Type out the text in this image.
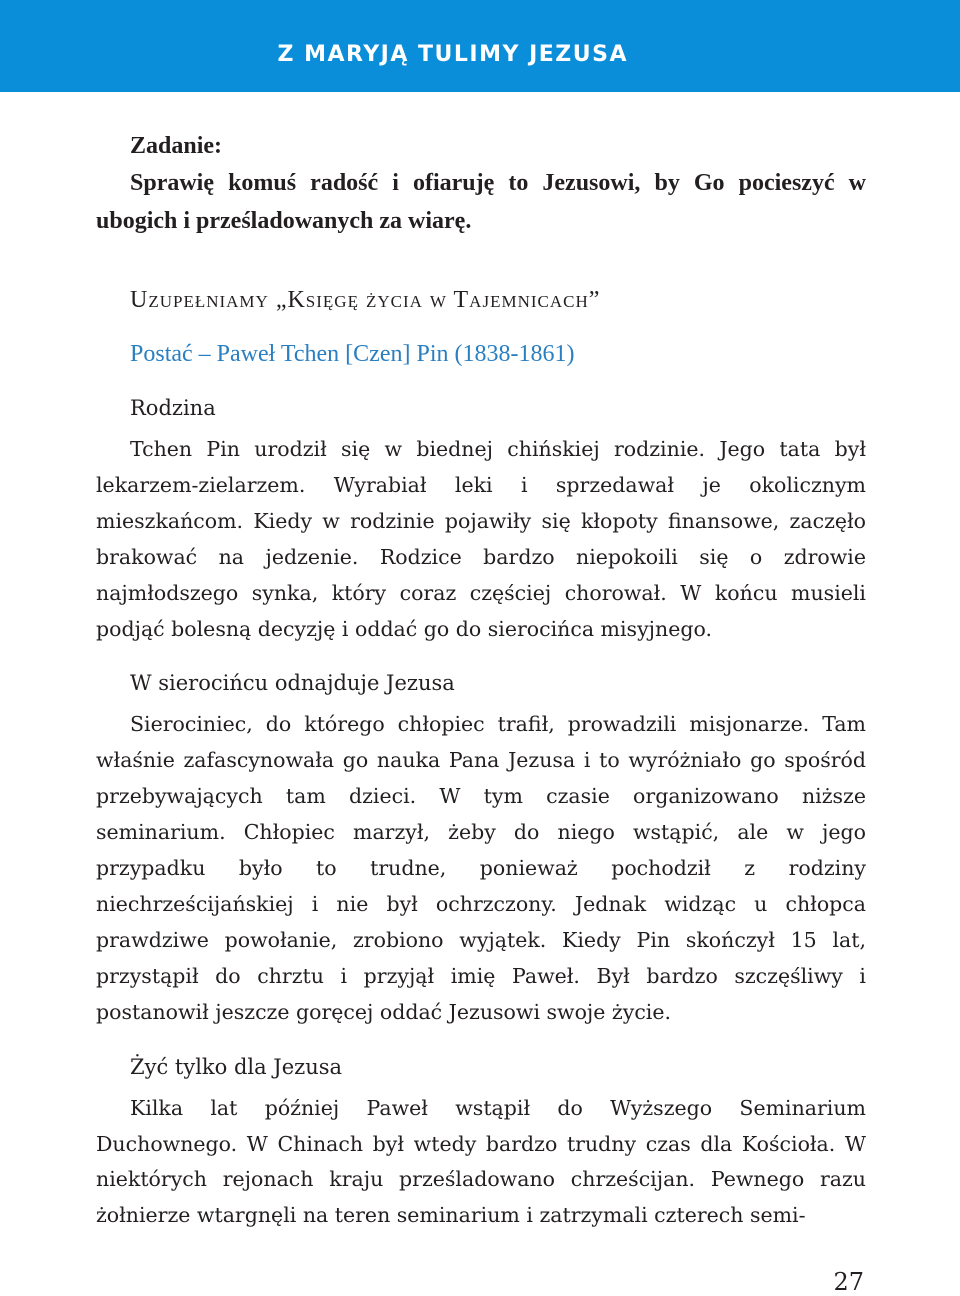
Z MARYJĄ TULIMY JEZUSA

Zadanie:

Sprawię komuś radość i ofiaruję to Jezusowi, by Go pocieszyć w ubogich i prześladowanych za wiarę.

Uzupełniamy „Księgę życia w Tajemnicach”
Postać – Paweł Tchen [Czen] Pin (1838-1861)
Rodzina

Tchen Pin urodził się w biednej chińskiej rodzinie. Jego tata był lekarzem-zielarzem. Wyrabiał leki i sprzedawał je okolicznym mieszkańcom. Kiedy w rodzinie pojawiły się kłopoty finansowe, zaczęło brakować na jedzenie. Rodzice bardzo niepokoili się o zdrowie najmłodszego synka, który coraz częściej chorował. W końcu musieli podjąć bolesną decyzję i oddać go do sierocińca misyjnego.

W sierocińcu odnajduje Jezusa

Sierociniec, do którego chłopiec trafił, prowadzili misjonarze. Tam właśnie zafascynowała go nauka Pana Jezusa i to wyróżniało go spośród przebywających tam dzieci. W tym czasie organizowano niższe seminarium. Chłopiec marzył, żeby do niego wstąpić, ale w jego przypadku było to trudne, ponieważ pochodził z rodziny niechrześcijańskiej i nie był ochrzczony. Jednak widząc u chłopca prawdziwe powołanie, zrobiono wyjątek. Kiedy Pin skończył 15 lat, przystąpił do chrztu i przyjął imię Paweł. Był bardzo szczęśliwy i postanowił jeszcze goręcej oddać Jezusowi swoje życie.

Żyć tylko dla Jezusa

Kilka lat później Paweł wstąpił do Wyższego Seminarium Duchownego. W Chinach był wtedy bardzo trudny czas dla Kościoła. W niektórych rejonach kraju prześladowano chrześcijan. Pewnego razu żołnierze wtargnęli na teren seminarium i zatrzymali czterech semi-

27
